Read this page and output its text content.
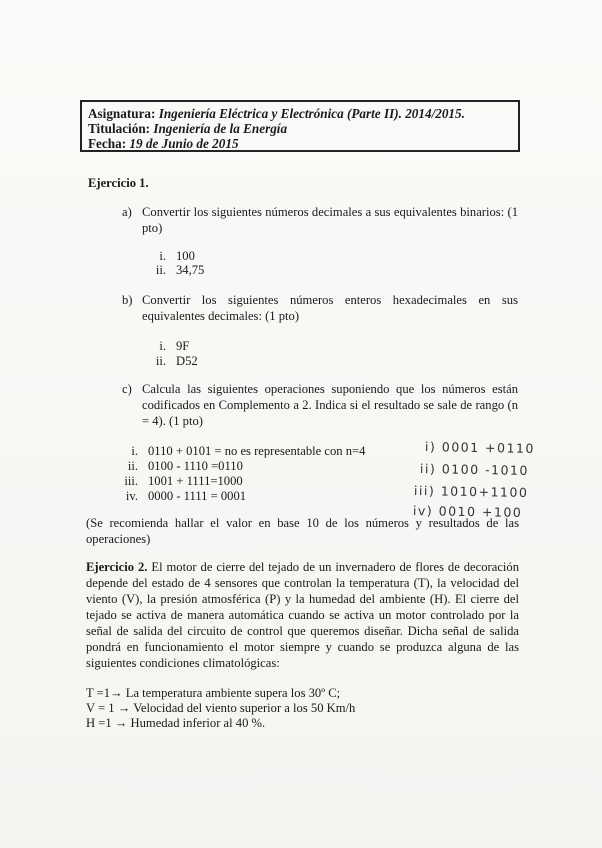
Asignatura: Ingeniería Eléctrica y Electrónica (Parte II). 2014/2015.
Titulación: Ingeniería de la Energía
Fecha: 19 de Junio de 2015
Ejercicio 1.
a) Convertir los siguientes números decimales a sus equivalentes binarios: (1 pto)
i. 100
ii. 34,75
b) Convertir los siguientes números enteros hexadecimales en sus equivalentes decimales: (1 pto)
i. 9F
ii. D52
c) Calcula las siguientes operaciones suponiendo que los números están codificados en Complemento a 2. Indica si el resultado se sale de rango (n = 4). (1 pto)
i. 0110 + 0101 = no es representable con n=4
ii. 0100 - 1110 =0110
iii. 1001 + 1111=1000
iv. 0000 - 1111 = 0001
i) 0001 +0110
ii) 0100 -1010
iii) 1010+1100
iv) 0010 +100
(Se recomienda hallar el valor en base 10 de los números y resultados de las operaciones)
Ejercicio 2. El motor de cierre del tejado de un invernadero de flores de decoración depende del estado de 4 sensores que controlan la temperatura (T), la velocidad del viento (V), la presión atmosférica (P) y la humedad del ambiente (H). El cierre del tejado se activa de manera automática cuando se activa un motor controlado por la señal de salida del circuito de control que queremos diseñar. Dicha señal de salida pondrá en funcionamiento el motor siempre y cuando se produzca alguna de las siguientes condiciones climatológicas:
T =1→ La temperatura ambiente supera los 30º C;
V = 1 → Velocidad del viento superior a los 50 Km/h
H =1 → Humedad inferior al 40 %.
